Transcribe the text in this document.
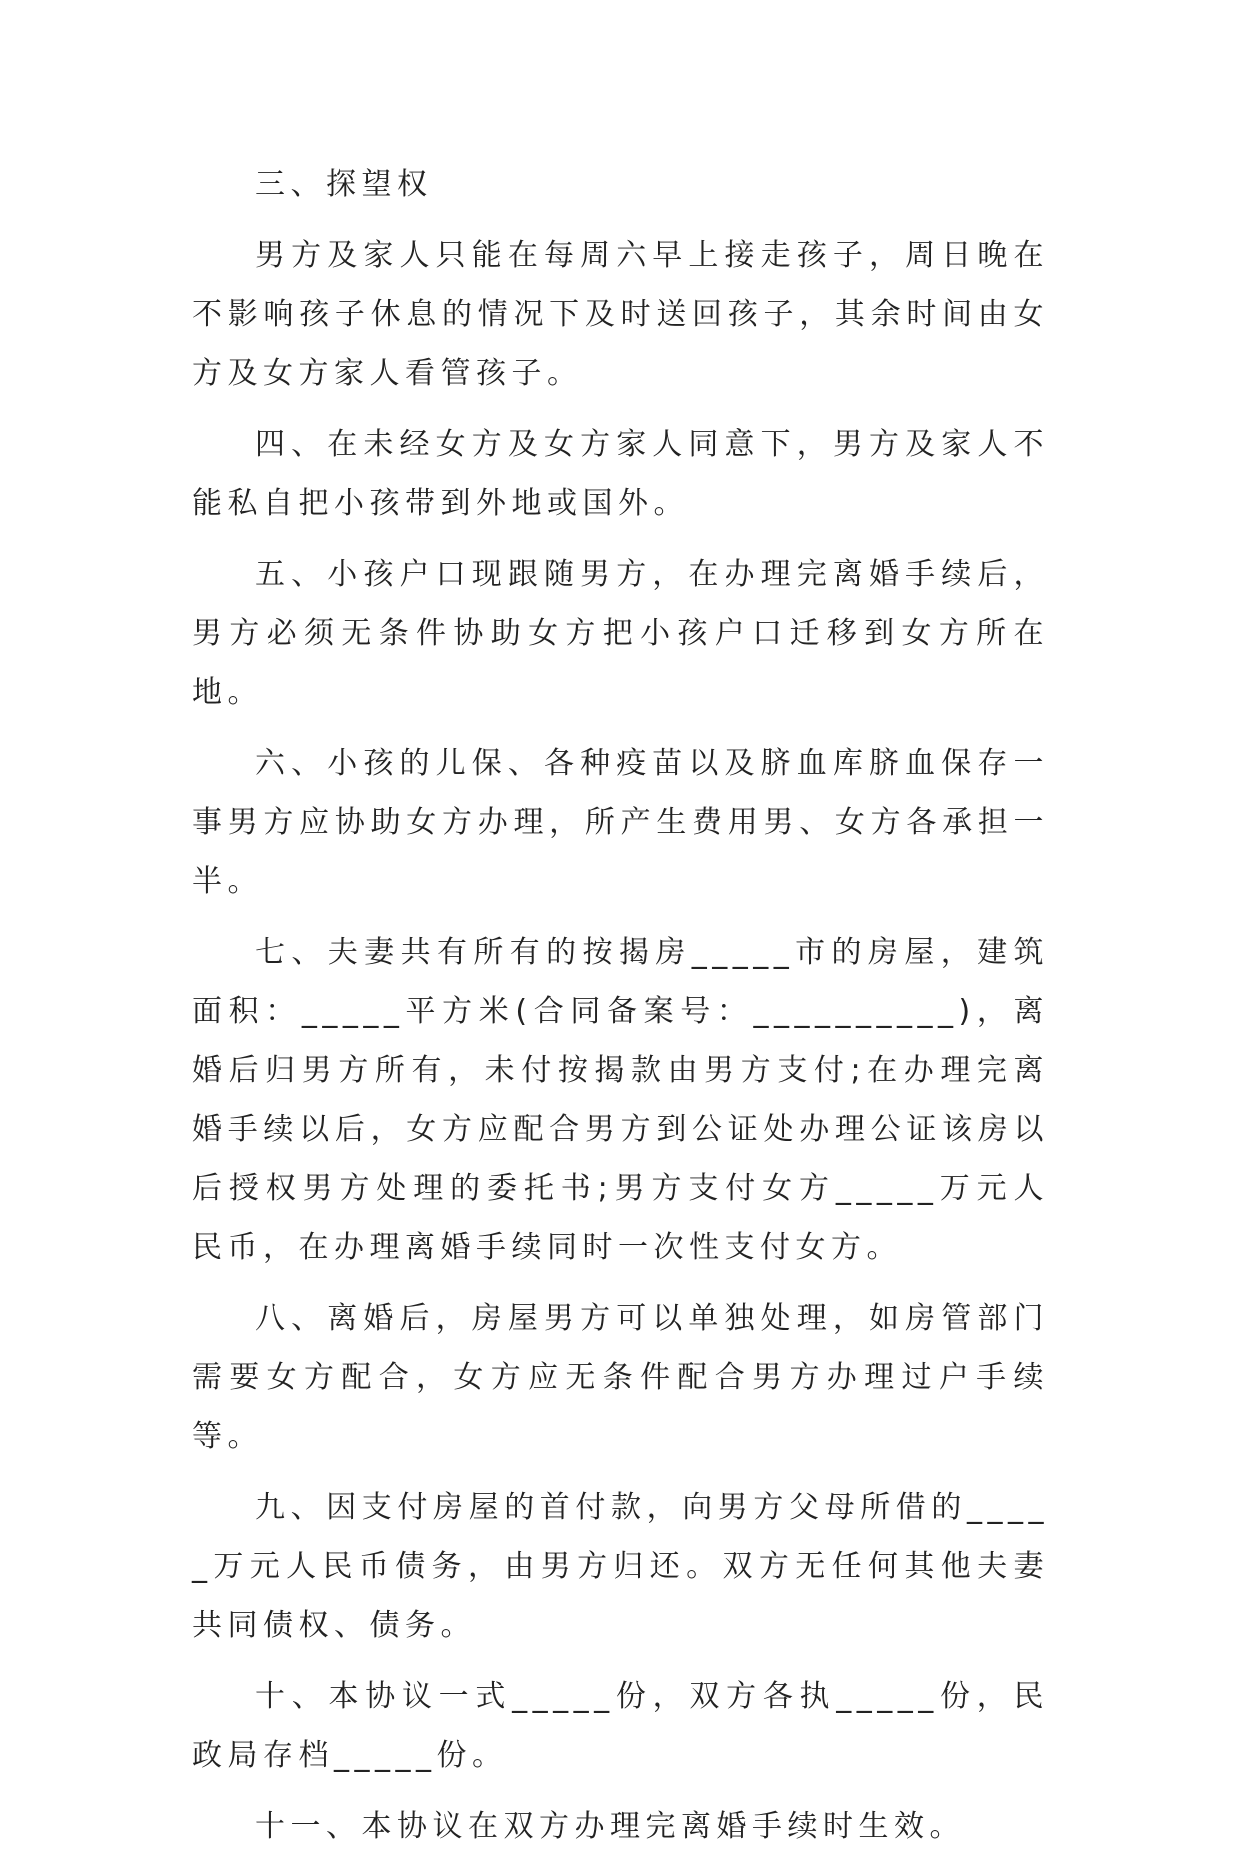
三、探望权

男方及家人只能在每周六早上接走孩子，周日晚在不影响孩子休息的情况下及时送回孩子，其余时间由女方及女方家人看管孩子。

四、在未经女方及女方家人同意下，男方及家人不能私自把小孩带到外地或国外。

五、小孩户口现跟随男方，在办理完离婚手续后，男方必须无条件协助女方把小孩户口迁移到女方所在地。

六、小孩的儿保、各种疫苗以及脐血库脐血保存一事男方应协助女方办理，所产生费用男、女方各承担一半。

七、夫妻共有所有的按揭房_____市的房屋，建筑面积：_____平方米(合同备案号：__________)，离婚后归男方所有，未付按揭款由男方支付;在办理完离婚手续以后，女方应配合男方到公证处办理公证该房以后授权男方处理的委托书;男方支付女方_____万元人民币，在办理离婚手续同时一次性支付女方。

八、离婚后，房屋男方可以单独处理，如房管部门需要女方配合，女方应无条件配合男方办理过户手续等。

九、因支付房屋的首付款，向男方父母所借的_____万元人民币债务，由男方归还。双方无任何其他夫妻共同债权、债务。

十、本协议一式_____份，双方各执_____份，民政局存档_____份。

十一、本协议在双方办理完离婚手续时生效。
